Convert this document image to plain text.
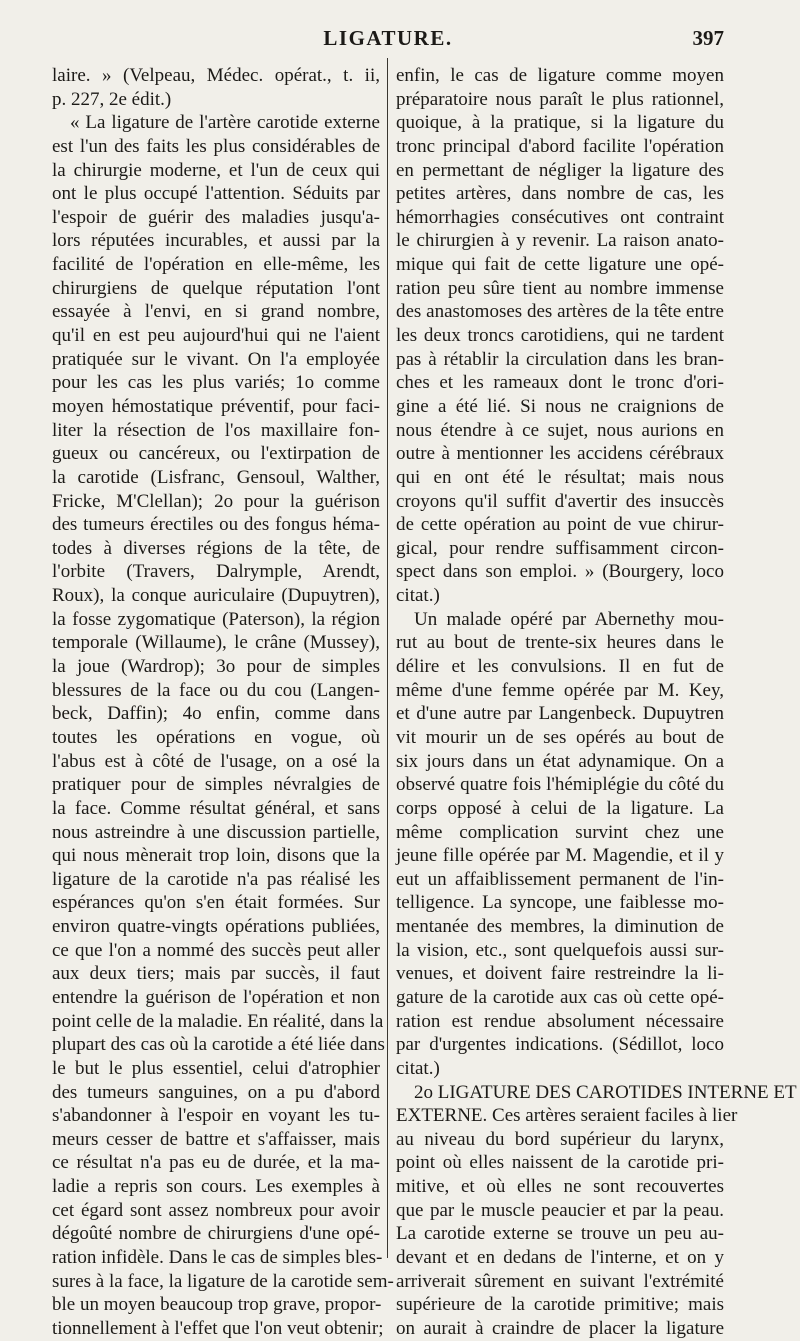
LIGATURE.	397
laire. » (Velpeau, Médec. opérat., t. ii,
p. 227, 2e édit.)
« La ligature de l'artère carotide externe
est l'un des faits les plus considérables de
la chirurgie moderne, et l'un de ceux qui
ont le plus occupé l'attention. Séduits par
l'espoir de guérir des maladies jusqu'a-
lors réputées incurables, et aussi par la
facilité de l'opération en elle-même, les
chirurgiens de quelque réputation l'ont
essayée à l'envi, en si grand nombre,
qu'il en est peu aujourd'hui qui ne l'aient
pratiquée sur le vivant. On l'a employée
pour les cas les plus variés; 1o comme
moyen hémostatique préventif, pour faci-
liter la résection de l'os maxillaire fon-
gueux ou cancéreux, ou l'extirpation de
la carotide (Lisfranc, Gensoul, Walther,
Fricke, M'Clellan); 2o pour la guérison
des tumeurs érectiles ou des fongus héma-
todes à diverses régions de la tête, de
l'orbite (Travers, Dalrymple, Arendt,
Roux), la conque auriculaire (Dupuytren),
la fosse zygomatique (Paterson), la région
temporale (Willaume), le crâne (Mussey),
la joue (Wardrop); 3o pour de simples
blessures de la face ou du cou (Langen-
beck, Daffin); 4o enfin, comme dans
toutes les opérations en vogue, où
l'abus est à côté de l'usage, on a osé la
pratiquer pour de simples névralgies de
la face. Comme résultat général, et sans
nous astreindre à une discussion partielle,
qui nous mènerait trop loin, disons que la
ligature de la carotide n'a pas réalisé les
espérances qu'on s'en était formées. Sur
environ quatre-vingts opérations publiées,
ce que l'on a nommé des succès peut aller
aux deux tiers; mais par succès, il faut
entendre la guérison de l'opération et non
point celle de la maladie. En réalité, dans la
plupart des cas où la carotide a été liée dans
le but le plus essentiel, celui d'atrophier
des tumeurs sanguines, on a pu d'abord
s'abandonner à l'espoir en voyant les tu-
meurs cesser de battre et s'affaisser, mais
ce résultat n'a pas eu de durée, et la ma-
ladie a repris son cours. Les exemples à
cet égard sont assez nombreux pour avoir
dégoûté nombre de chirurgiens d'une opé-
ration infidèle. Dans le cas de simples bles-
sures à la face, la ligature de la carotide sem-
ble un moyen beaucoup trop grave, propor-
tionnellement à l'effet que l'on veut obtenir;
enfin, le cas de ligature comme moyen
préparatoire nous paraît le plus rationnel,
quoique, à la pratique, si la ligature du
tronc principal d'abord facilite l'opération
en permettant de négliger la ligature des
petites artères, dans nombre de cas, les
hémorrhagies consécutives ont contraint
le chirurgien à y revenir. La raison anato-
mique qui fait de cette ligature une opé-
ration peu sûre tient au nombre immense
des anastomoses des artères de la tête entre
les deux troncs carotidiens, qui ne tardent
pas à rétablir la circulation dans les bran-
ches et les rameaux dont le tronc d'ori-
gine a été lié. Si nous ne craignions de
nous étendre à ce sujet, nous aurions en
outre à mentionner les accidens cérébraux
qui en ont été le résultat; mais nous
croyons qu'il suffit d'avertir des insuccès
de cette opération au point de vue chirur-
gical, pour rendre suffisamment circon-
spect dans son emploi. » (Bourgery, loco
citat.)
Un malade opéré par Abernethy mou-
rut au bout de trente-six heures dans le
délire et les convulsions. Il en fut de
même d'une femme opérée par M. Key,
et d'une autre par Langenbeck. Dupuytren
vit mourir un de ses opérés au bout de
six jours dans un état adynamique. On a
observé quatre fois l'hémiplégie du côté du
corps opposé à celui de la ligature. La
même complication survint chez une
jeune fille opérée par M. Magendie, et il y
eut un affaiblissement permanent de l'in-
telligence. La syncope, une faiblesse mo-
mentanée des membres, la diminution de
la vision, etc., sont quelquefois aussi sur-
venues, et doivent faire restreindre la li-
gature de la carotide aux cas où cette opé-
ration est rendue absolument nécessaire
par d'urgentes indications. (Sédillot, loco
citat.)
2o LIGATURE DES CAROTIDES INTERNE ET
EXTERNE. Ces artères seraient faciles à lier
au niveau du bord supérieur du larynx,
point où elles naissent de la carotide pri-
mitive, et où elles ne sont recouvertes
que par le muscle peaucier et par la peau.
La carotide externe se trouve un peu au-
devant et en dedans de l'interne, et on y
arriverait sûrement en suivant l'extrémité
supérieure de la carotide primitive; mais
on aurait à craindre de placer la ligature
